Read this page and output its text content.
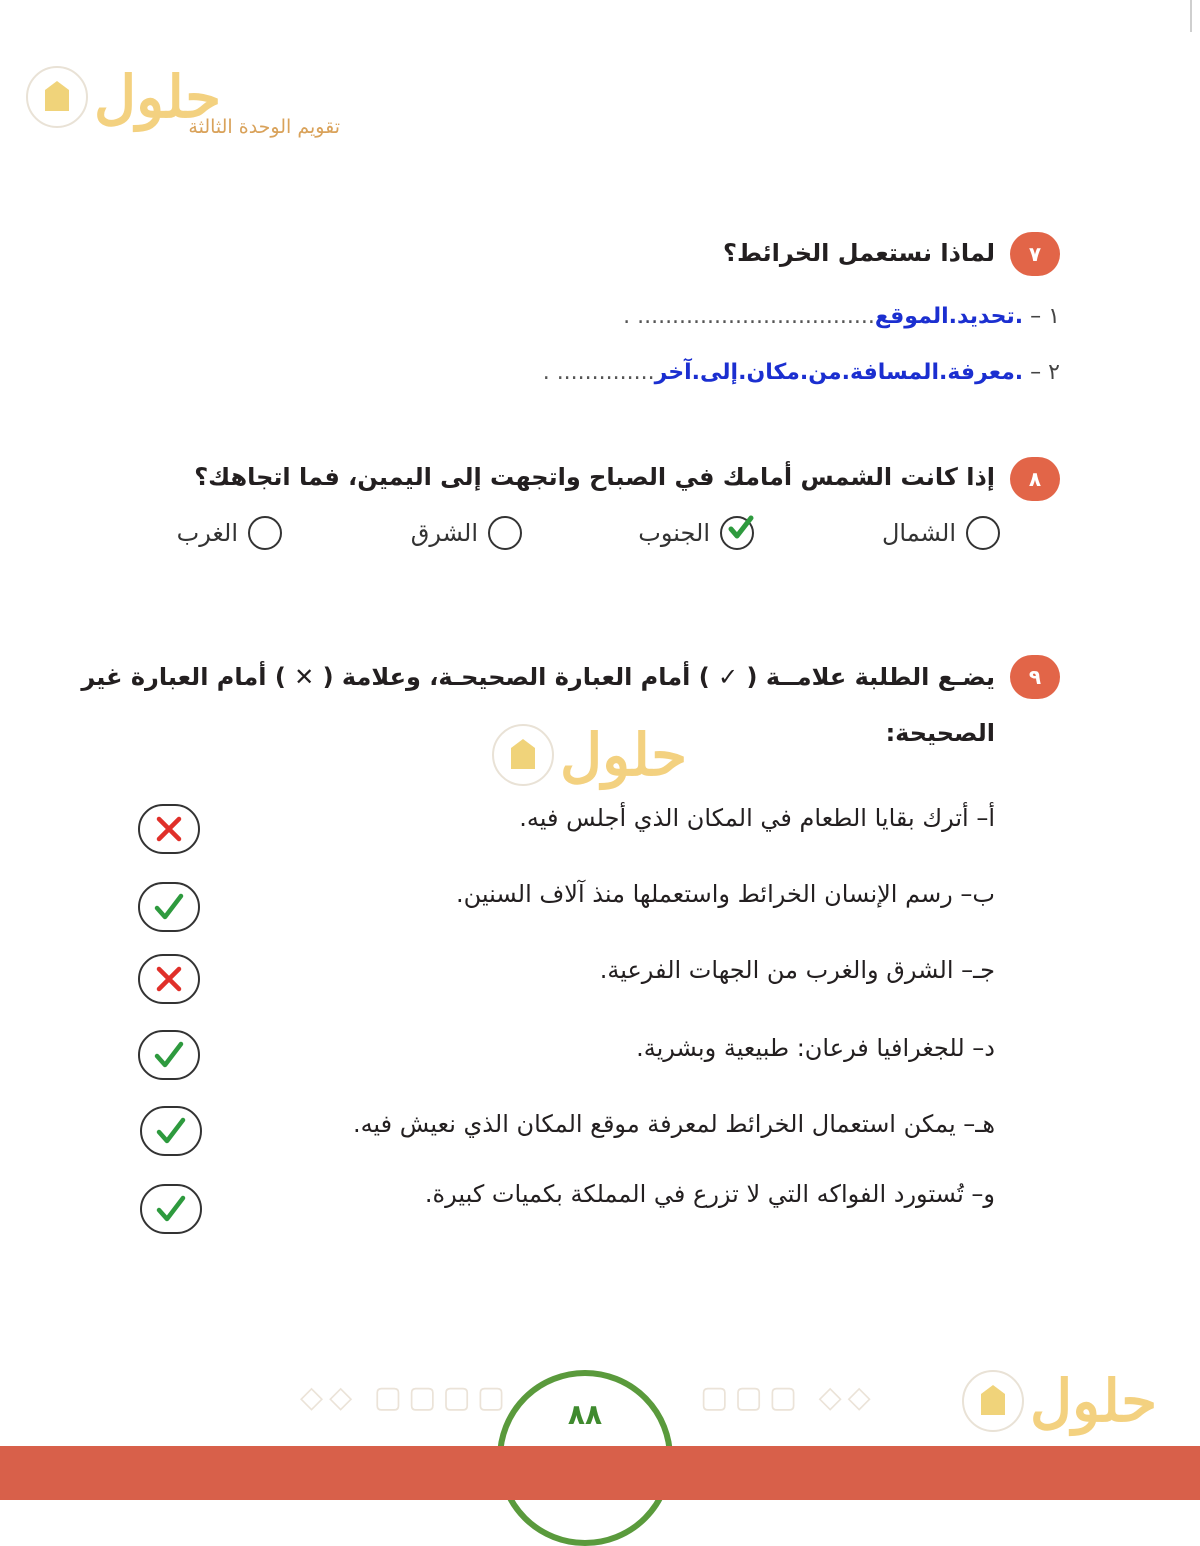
حلول
تقويم الوحدة الثالثة
٧
لماذا نستعمل الخرائط؟
١ – .تحديد.الموقع.................................. .
٢ – .معرفة.المسافة.من.مكان.إلى.آخر.............. .
٨
إذا كانت الشمس أمامك في الصباح واتجهت إلى اليمين، فما اتجاهك؟
الشمال
الجنوب
الشرق
الغرب
٩
يضـع الطلبة علامــة ( ✓ ) أمام العبارة الصحيحـة، وعلامة ( ✕ ) أمام العبارة غير
الصحيحة:
حلول
أ– أترك بقايا الطعام في المكان الذي أجلس فيه.
ب– رسم الإنسان الخرائط واستعملها منذ آلاف السنين.
جـ– الشرق والغرب من الجهات الفرعية.
د– للجغرافيا فرعان: طبيعية وبشرية.
هـ– يمكن استعمال الخرائط لمعرفة موقع المكان الذي نعيش فيه.
و– تُستورد الفواكه التي لا تزرع في المملكة بكميات كبيرة.
◇◇ ▢▢▢▢	▢▢▢ ◇◇	حلول
٨٨
